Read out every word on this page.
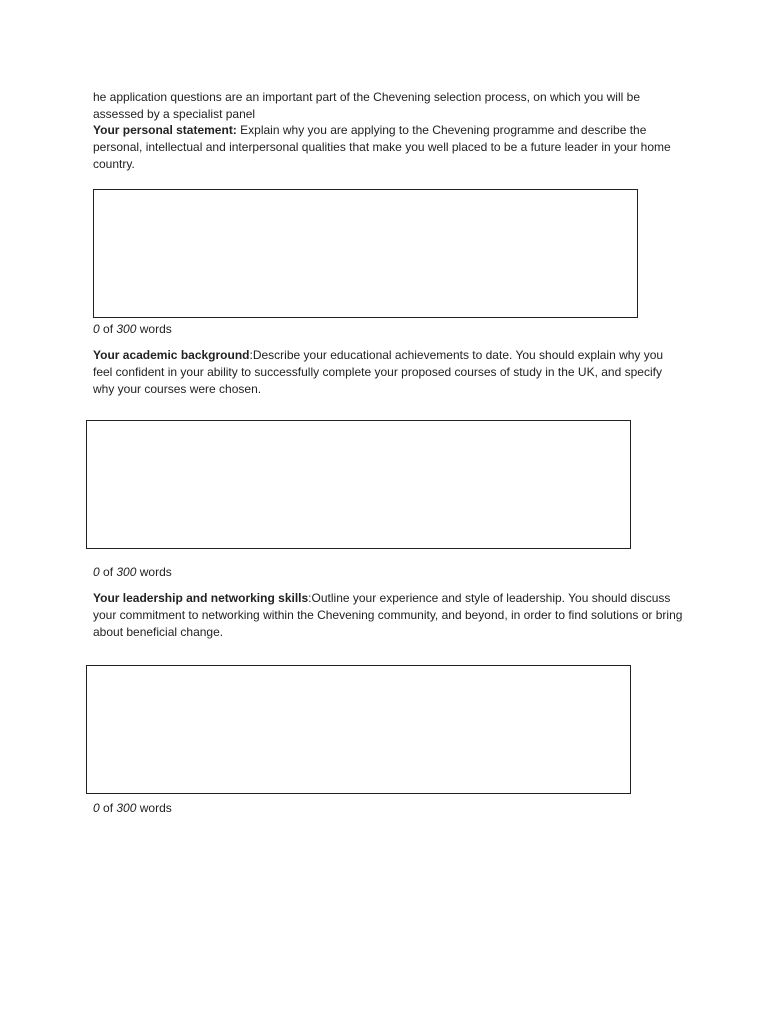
he application questions are an important part of the Chevening selection process, on which you will be assessed by a specialist panel

Your personal statement: Explain why you are applying to the Chevening programme and describe the personal, intellectual and interpersonal qualities that make you well placed to be a future leader in your home country.

0 of 300 words

Your academic background:Describe your educational achievements to date. You should explain why you feel confident in your ability to successfully complete your proposed courses of study in the UK, and specify why your courses were chosen.

0 of 300 words

Your leadership and networking skills:Outline your experience and style of leadership. You should discuss your commitment to networking within the Chevening community, and beyond, in order to find solutions or bring about beneficial change.

0 of 300 words
